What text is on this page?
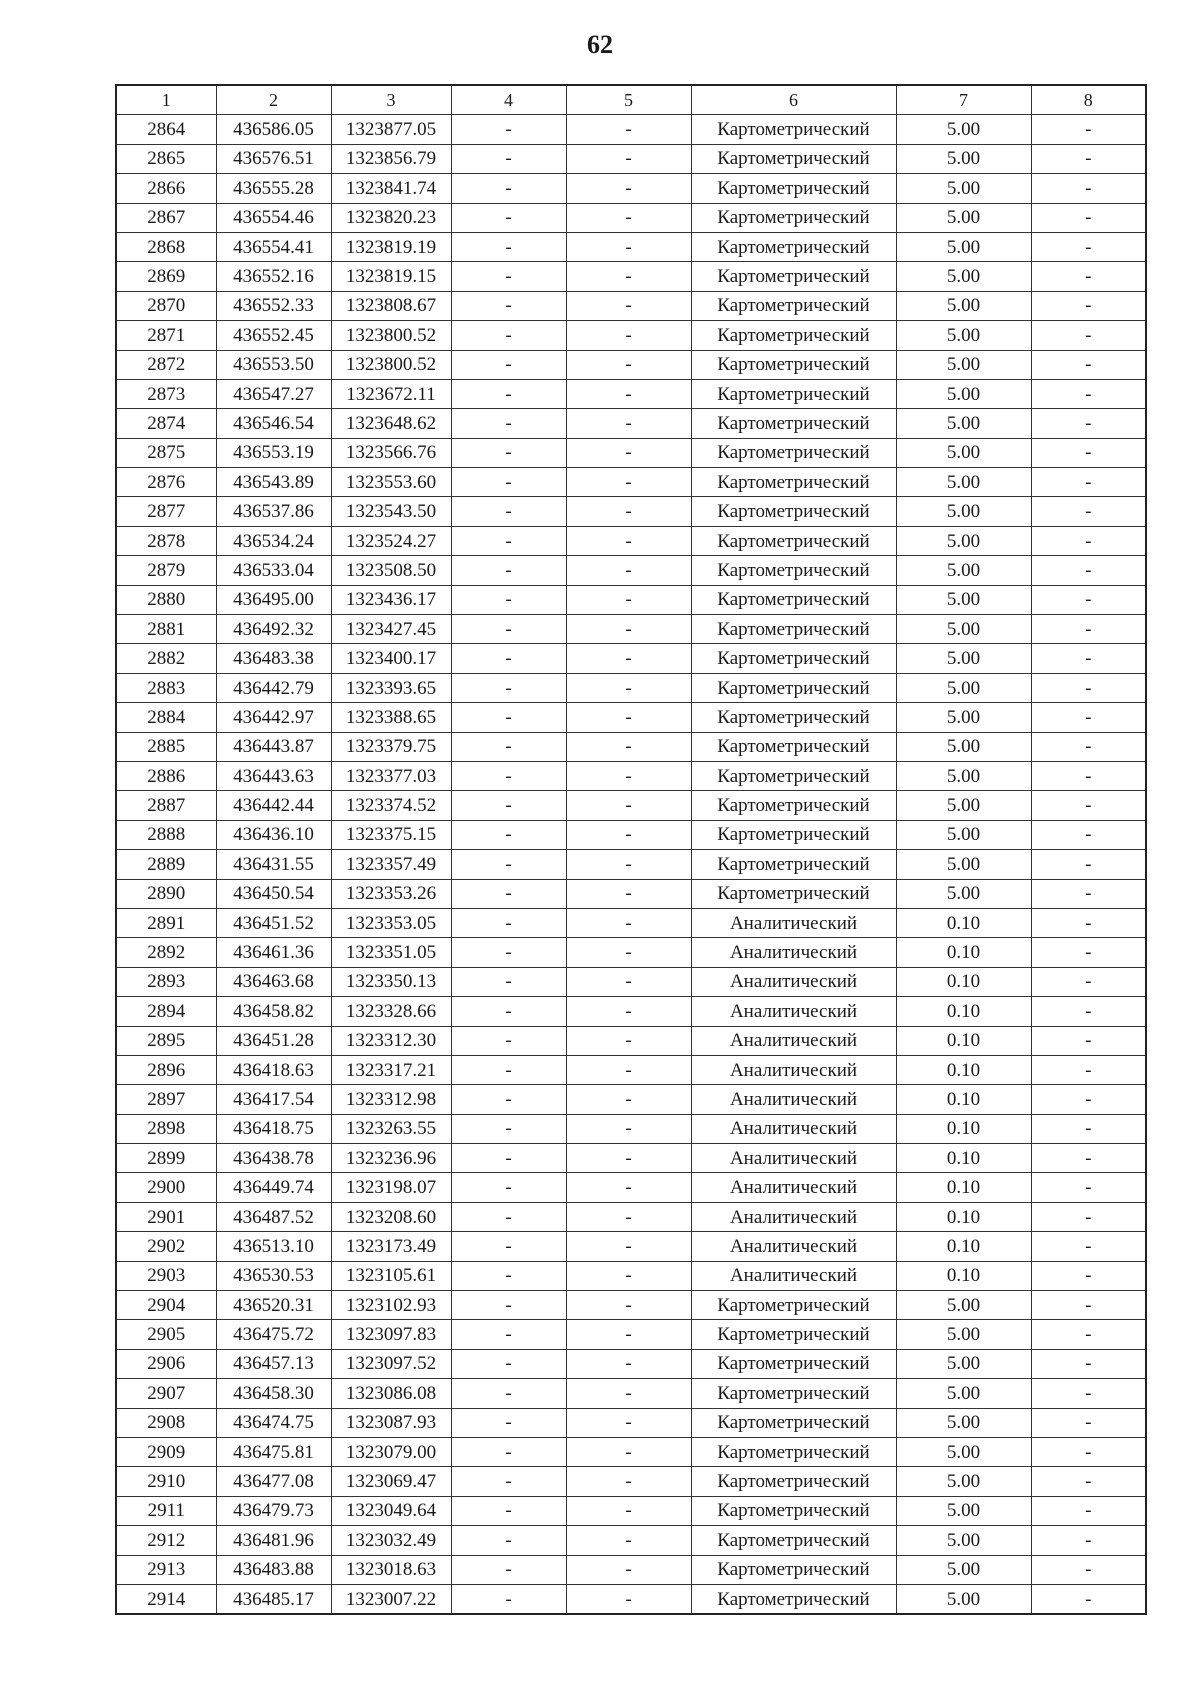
62
1	2	3	4	5	6	7	8
2864	436586.05	1323877.05	-	-	Картометрический	5.00	-
2865	436576.51	1323856.79	-	-	Картометрический	5.00	-
2866	436555.28	1323841.74	-	-	Картометрический	5.00	-
2867	436554.46	1323820.23	-	-	Картометрический	5.00	-
2868	436554.41	1323819.19	-	-	Картометрический	5.00	-
2869	436552.16	1323819.15	-	-	Картометрический	5.00	-
2870	436552.33	1323808.67	-	-	Картометрический	5.00	-
2871	436552.45	1323800.52	-	-	Картометрический	5.00	-
2872	436553.50	1323800.52	-	-	Картометрический	5.00	-
2873	436547.27	1323672.11	-	-	Картометрический	5.00	-
2874	436546.54	1323648.62	-	-	Картометрический	5.00	-
2875	436553.19	1323566.76	-	-	Картометрический	5.00	-
2876	436543.89	1323553.60	-	-	Картометрический	5.00	-
2877	436537.86	1323543.50	-	-	Картометрический	5.00	-
2878	436534.24	1323524.27	-	-	Картометрический	5.00	-
2879	436533.04	1323508.50	-	-	Картометрический	5.00	-
2880	436495.00	1323436.17	-	-	Картометрический	5.00	-
2881	436492.32	1323427.45	-	-	Картометрический	5.00	-
2882	436483.38	1323400.17	-	-	Картометрический	5.00	-
2883	436442.79	1323393.65	-	-	Картометрический	5.00	-
2884	436442.97	1323388.65	-	-	Картометрический	5.00	-
2885	436443.87	1323379.75	-	-	Картометрический	5.00	-
2886	436443.63	1323377.03	-	-	Картометрический	5.00	-
2887	436442.44	1323374.52	-	-	Картометрический	5.00	-
2888	436436.10	1323375.15	-	-	Картометрический	5.00	-
2889	436431.55	1323357.49	-	-	Картометрический	5.00	-
2890	436450.54	1323353.26	-	-	Картометрический	5.00	-
2891	436451.52	1323353.05	-	-	Аналитический	0.10	-
2892	436461.36	1323351.05	-	-	Аналитический	0.10	-
2893	436463.68	1323350.13	-	-	Аналитический	0.10	-
2894	436458.82	1323328.66	-	-	Аналитический	0.10	-
2895	436451.28	1323312.30	-	-	Аналитический	0.10	-
2896	436418.63	1323317.21	-	-	Аналитический	0.10	-
2897	436417.54	1323312.98	-	-	Аналитический	0.10	-
2898	436418.75	1323263.55	-	-	Аналитический	0.10	-
2899	436438.78	1323236.96	-	-	Аналитический	0.10	-
2900	436449.74	1323198.07	-	-	Аналитический	0.10	-
2901	436487.52	1323208.60	-	-	Аналитический	0.10	-
2902	436513.10	1323173.49	-	-	Аналитический	0.10	-
2903	436530.53	1323105.61	-	-	Аналитический	0.10	-
2904	436520.31	1323102.93	-	-	Картометрический	5.00	-
2905	436475.72	1323097.83	-	-	Картометрический	5.00	-
2906	436457.13	1323097.52	-	-	Картометрический	5.00	-
2907	436458.30	1323086.08	-	-	Картометрический	5.00	-
2908	436474.75	1323087.93	-	-	Картометрический	5.00	-
2909	436475.81	1323079.00	-	-	Картометрический	5.00	-
2910	436477.08	1323069.47	-	-	Картометрический	5.00	-
2911	436479.73	1323049.64	-	-	Картометрический	5.00	-
2912	436481.96	1323032.49	-	-	Картометрический	5.00	-
2913	436483.88	1323018.63	-	-	Картометрический	5.00	-
2914	436485.17	1323007.22	-	-	Картометрический	5.00	-
